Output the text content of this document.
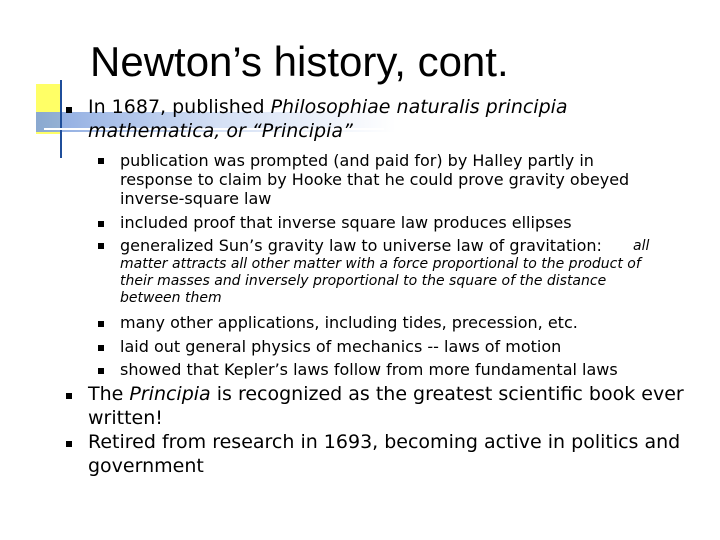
Newton’s history, cont.
In 1687, published Philosophiae naturalis principia
mathematica, or “Principia”
publication was prompted (and paid for) by Halley partly in
response to claim by Hooke that he could prove gravity obeyed
inverse-square law
included proof that inverse square law produces ellipses
generalized Sun’s gravity law to universe law of gravitation: all
matter attracts all other matter with a force proportional to the product of
their masses and inversely proportional to the square of the distance
between them
many other applications, including tides, precession, etc.
laid out general physics of mechanics -- laws of motion
showed that Kepler’s laws follow from more fundamental laws
The Principia is recognized as the greatest scientific book ever
written!
Retired from research in 1693, becoming active in politics and
government
